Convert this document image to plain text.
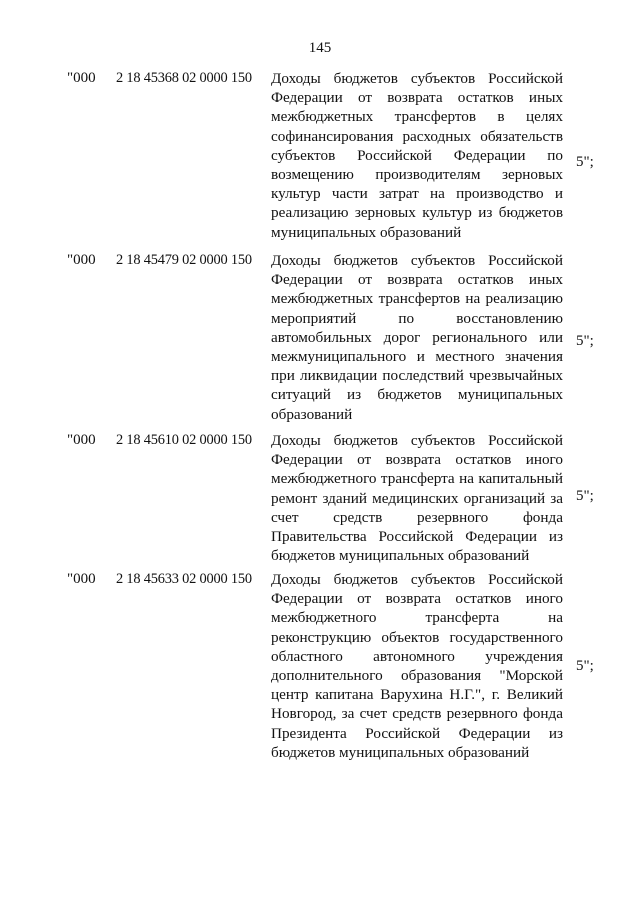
145
"000 2 18 45368 02 0000 150 Доходы бюджетов субъектов Российской Федерации от возврата остатков иных межбюджетных трансфертов в целях софинансирования расходных обязательств субъектов Российской Федерации по возмещению производителям зерновых культур части затрат на производство и реализацию зерновых культур из бюджетов муниципальных образований
5";
"000 2 18 45479 02 0000 150 Доходы бюджетов субъектов Российской Федерации от возврата остатков иных межбюджетных трансфертов на реализацию мероприятий по восстановлению автомобильных дорог регионального или межмуниципального и местного значения при ликвидации последствий чрезвычайных ситуаций из бюджетов муниципальных образований
5";
"000 2 18 45610 02 0000 150 Доходы бюджетов субъектов Российской Федерации от возврата остатков иного межбюджетного трансферта на капитальный ремонт зданий медицинских организаций за счет средств резервного фонда Правительства Российской Федерации из бюджетов муниципальных образований
5";
"000 2 18 45633 02 0000 150 Доходы бюджетов субъектов Российской Федерации от возврата остатков иного межбюджетного трансферта на реконструкцию объектов государственного областного автономного учреждения дополнительного образования "Морской центр капитана Варухина Н.Г.", г. Великий Новгород, за счет средств резервного фонда Президента Российской Федерации из бюджетов муниципальных образований
5";
